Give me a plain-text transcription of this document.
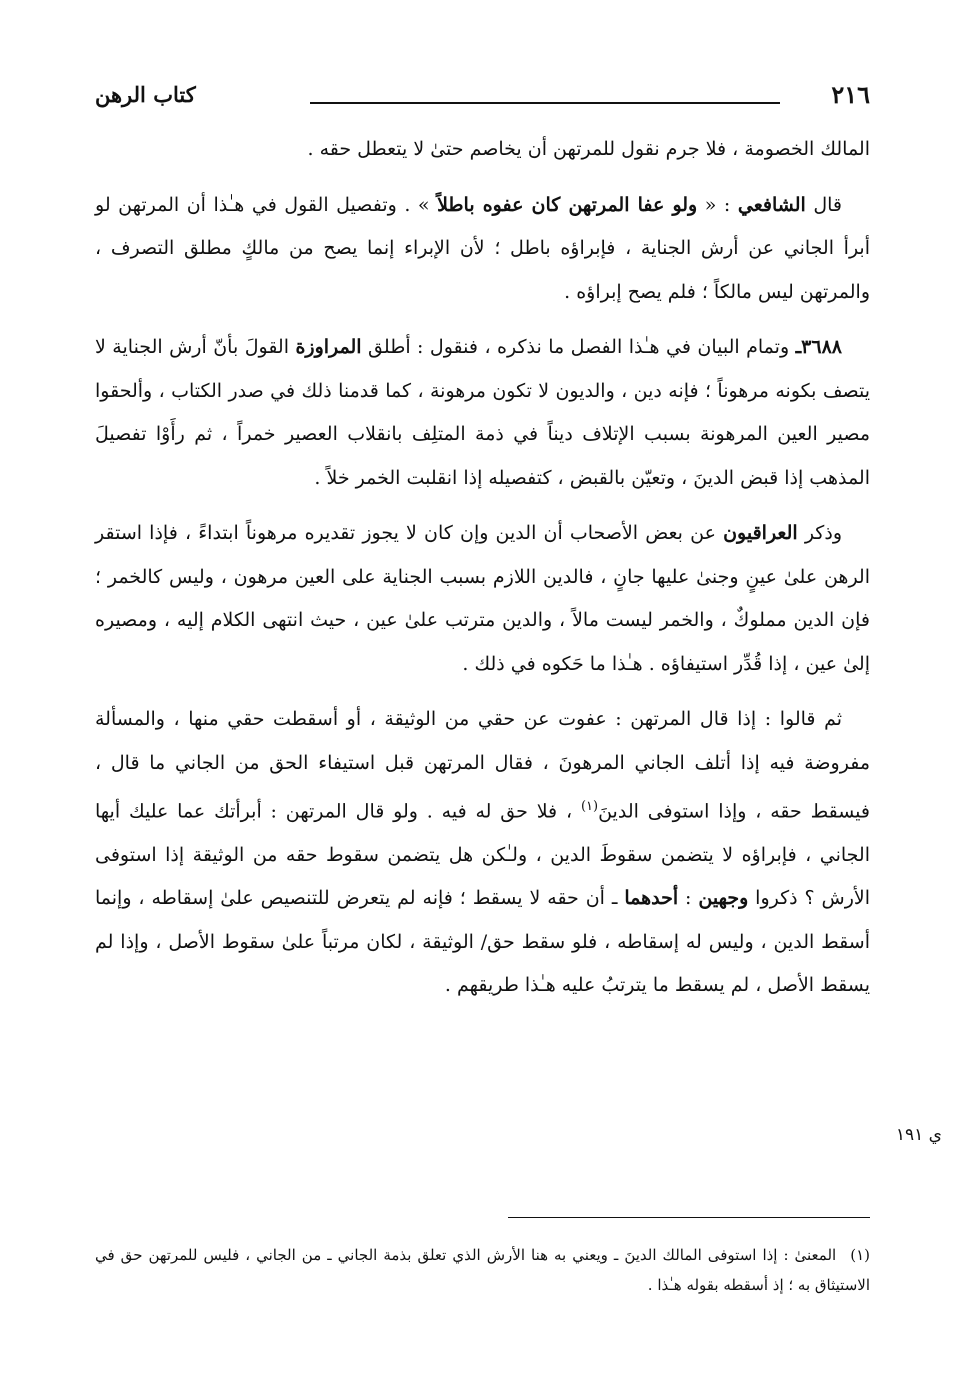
٢١٦
كتاب الرهن

المالك الخصومة ، فلا جرم نقول للمرتهن أن يخاصم حتىٰ لا يتعطل حقه .

قال الشافعي : « ولو عفا المرتهن كان عفوه باطلاً » . وتفصيل القول في هـٰذا أن المرتهن لو أبرأ الجاني عن أرش الجناية ، فإبراؤه باطل ؛ لأن الإبراء إنما يصح من مالكٍ مطلق التصرف ، والمرتهن ليس مالكاً ؛ فلم يصح إبراؤه .

٣٦٨٨ـ وتمام البيان في هـٰذا الفصل ما نذكره ، فنقول : أطلق المراوزة القولَ بأنّ أرش الجناية لا يتصف بكونه مرهوناً ؛ فإنه دين ، والديون لا تكون مرهونة ، كما قدمنا ذلك في صدر الكتاب ، وألحقوا مصير العين المرهونة بسبب الإتلاف ديناً في ذمة المتلِف بانقلاب العصير خمراً ، ثم رأَوْا تفصيلَ المذهب إذا قبض الدينَ ، وتعيّن بالقبض ، كتفصيله إذا انقلبت الخمر خلاً .

وذكر العراقيون عن بعض الأصحاب أن الدين وإن كان لا يجوز تقديره مرهوناً ابتداءً ، فإذا استقر الرهن علىٰ عينٍ وجنىٰ عليها جانٍ ، فالدين اللازم بسبب الجناية على العين مرهون ، وليس كالخمر ؛ فإن الدين مملوكٌ ، والخمر ليست مالاً ، والدين مترتب علىٰ عين ، حيث انتهى الكلام إليه ، ومصيره إلىٰ عين ، إذا قُدِّر استيفاؤه . هـٰذا ما حَكوه في ذلك .

ثم قالوا : إذا قال المرتهن : عفوت عن حقي من الوثيقة ، أو أسقطت حقي منها ، والمسألة مفروضة فيه إذا أتلف الجاني المرهونَ ، فقال المرتهن قبل استيفاء الحق من الجاني ما قال ، فيسقط حقه ، وإذا استوفى الدينَ$^{(١)}$ ، فلا حق له فيه . ولو قال المرتهن : أبرأتك عما عليك أيها الجاني ، فإبراؤه لا يتضمن سقوطَ الدين ، ولـٰكن هل يتضمن سقوط حقه من الوثيقة إذا استوفى الأرش ؟ ذكروا وجهين : أحدهما ـ أن حقه لا يسقط ؛ فإنه لم يتعرض للتنصيص علىٰ إسقاطه ، وإنما أسقط الدين ، وليس له إسقاطه ، فلو سقط حق/ الوثيقة ، لكان مرتباً علىٰ سقوط الأصل ، وإذا لم يسقط الأصل ، لم يسقط ما يترتبُ عليه هـٰذا طريقهم .

ي ١٩١
(١) المعنىٰ : إذا استوفى المالك الدينَ ـ ويعني به هنا الأرش الذي تعلق بذمة الجاني ـ من الجاني ، فليس للمرتهن حق في الاستيثاق به ؛ إذ أسقطه بقوله هـٰذا .
